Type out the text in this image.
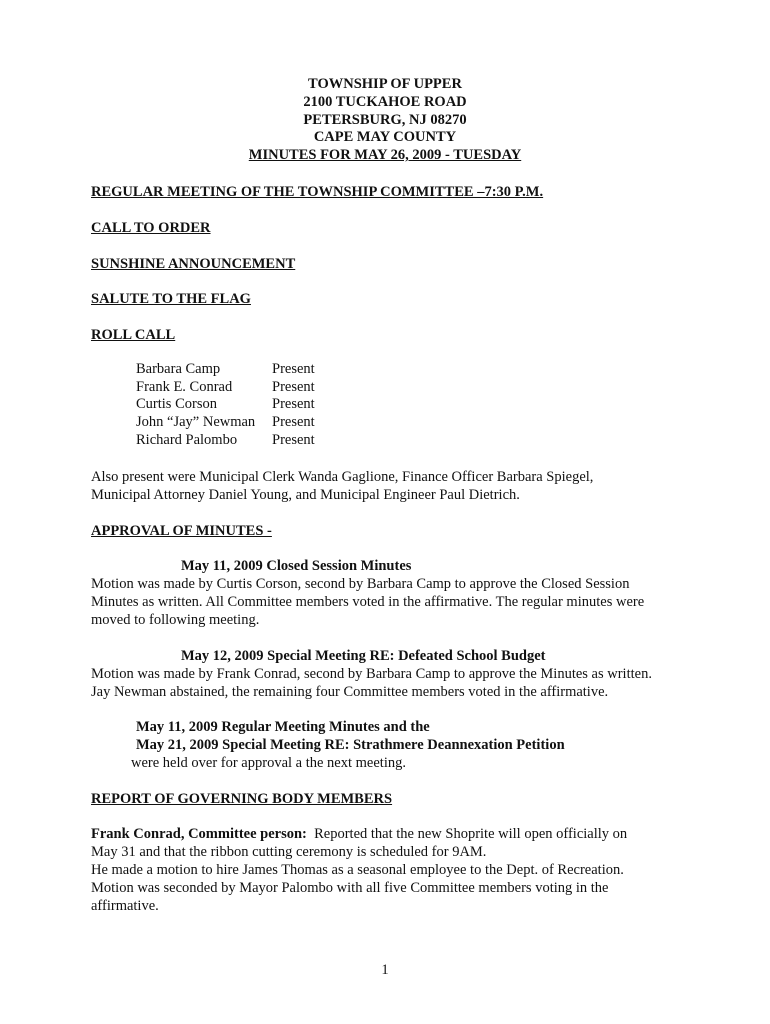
TOWNSHIP OF UPPER
2100 TUCKAHOE ROAD
PETERSBURG, NJ 08270
CAPE MAY COUNTY
MINUTES FOR MAY 26, 2009 - TUESDAY
REGULAR MEETING OF THE TOWNSHIP COMMITTEE –7:30 P.M.
CALL TO ORDER
SUNSHINE ANNOUNCEMENT
SALUTE TO THE FLAG
ROLL CALL
Barbara Camp	Present
Frank E. Conrad	Present
Curtis Corson	Present
John “Jay” Newman	Present
Richard Palombo	Present
Also present were Municipal Clerk Wanda Gaglione, Finance Officer Barbara Spiegel,
Municipal Attorney Daniel Young, and Municipal Engineer Paul Dietrich.
APPROVAL OF MINUTES -
May 11, 2009 Closed Session Minutes
Motion was made by Curtis Corson, second by Barbara Camp to approve the Closed Session
Minutes as written. All Committee members voted in the affirmative. The regular minutes were
moved to following meeting.
May 12, 2009 Special Meeting RE: Defeated School Budget
Motion was made by Frank Conrad, second by Barbara Camp to approve the Minutes as written.
Jay Newman abstained, the remaining four Committee members voted in the affirmative.
May 11, 2009 Regular Meeting Minutes and the
May 21, 2009 Special Meeting RE: Strathmere Deannexation Petition
were held over for approval a the next meeting.
REPORT OF GOVERNING BODY MEMBERS
Frank Conrad, Committee person:  Reported that the new Shoprite will open officially on
May 31 and that the ribbon cutting ceremony is scheduled for 9AM.
He made a motion to hire James Thomas as a seasonal employee to the Dept. of Recreation.
Motion was seconded by Mayor Palombo with all five Committee members voting in the
affirmative.
1
